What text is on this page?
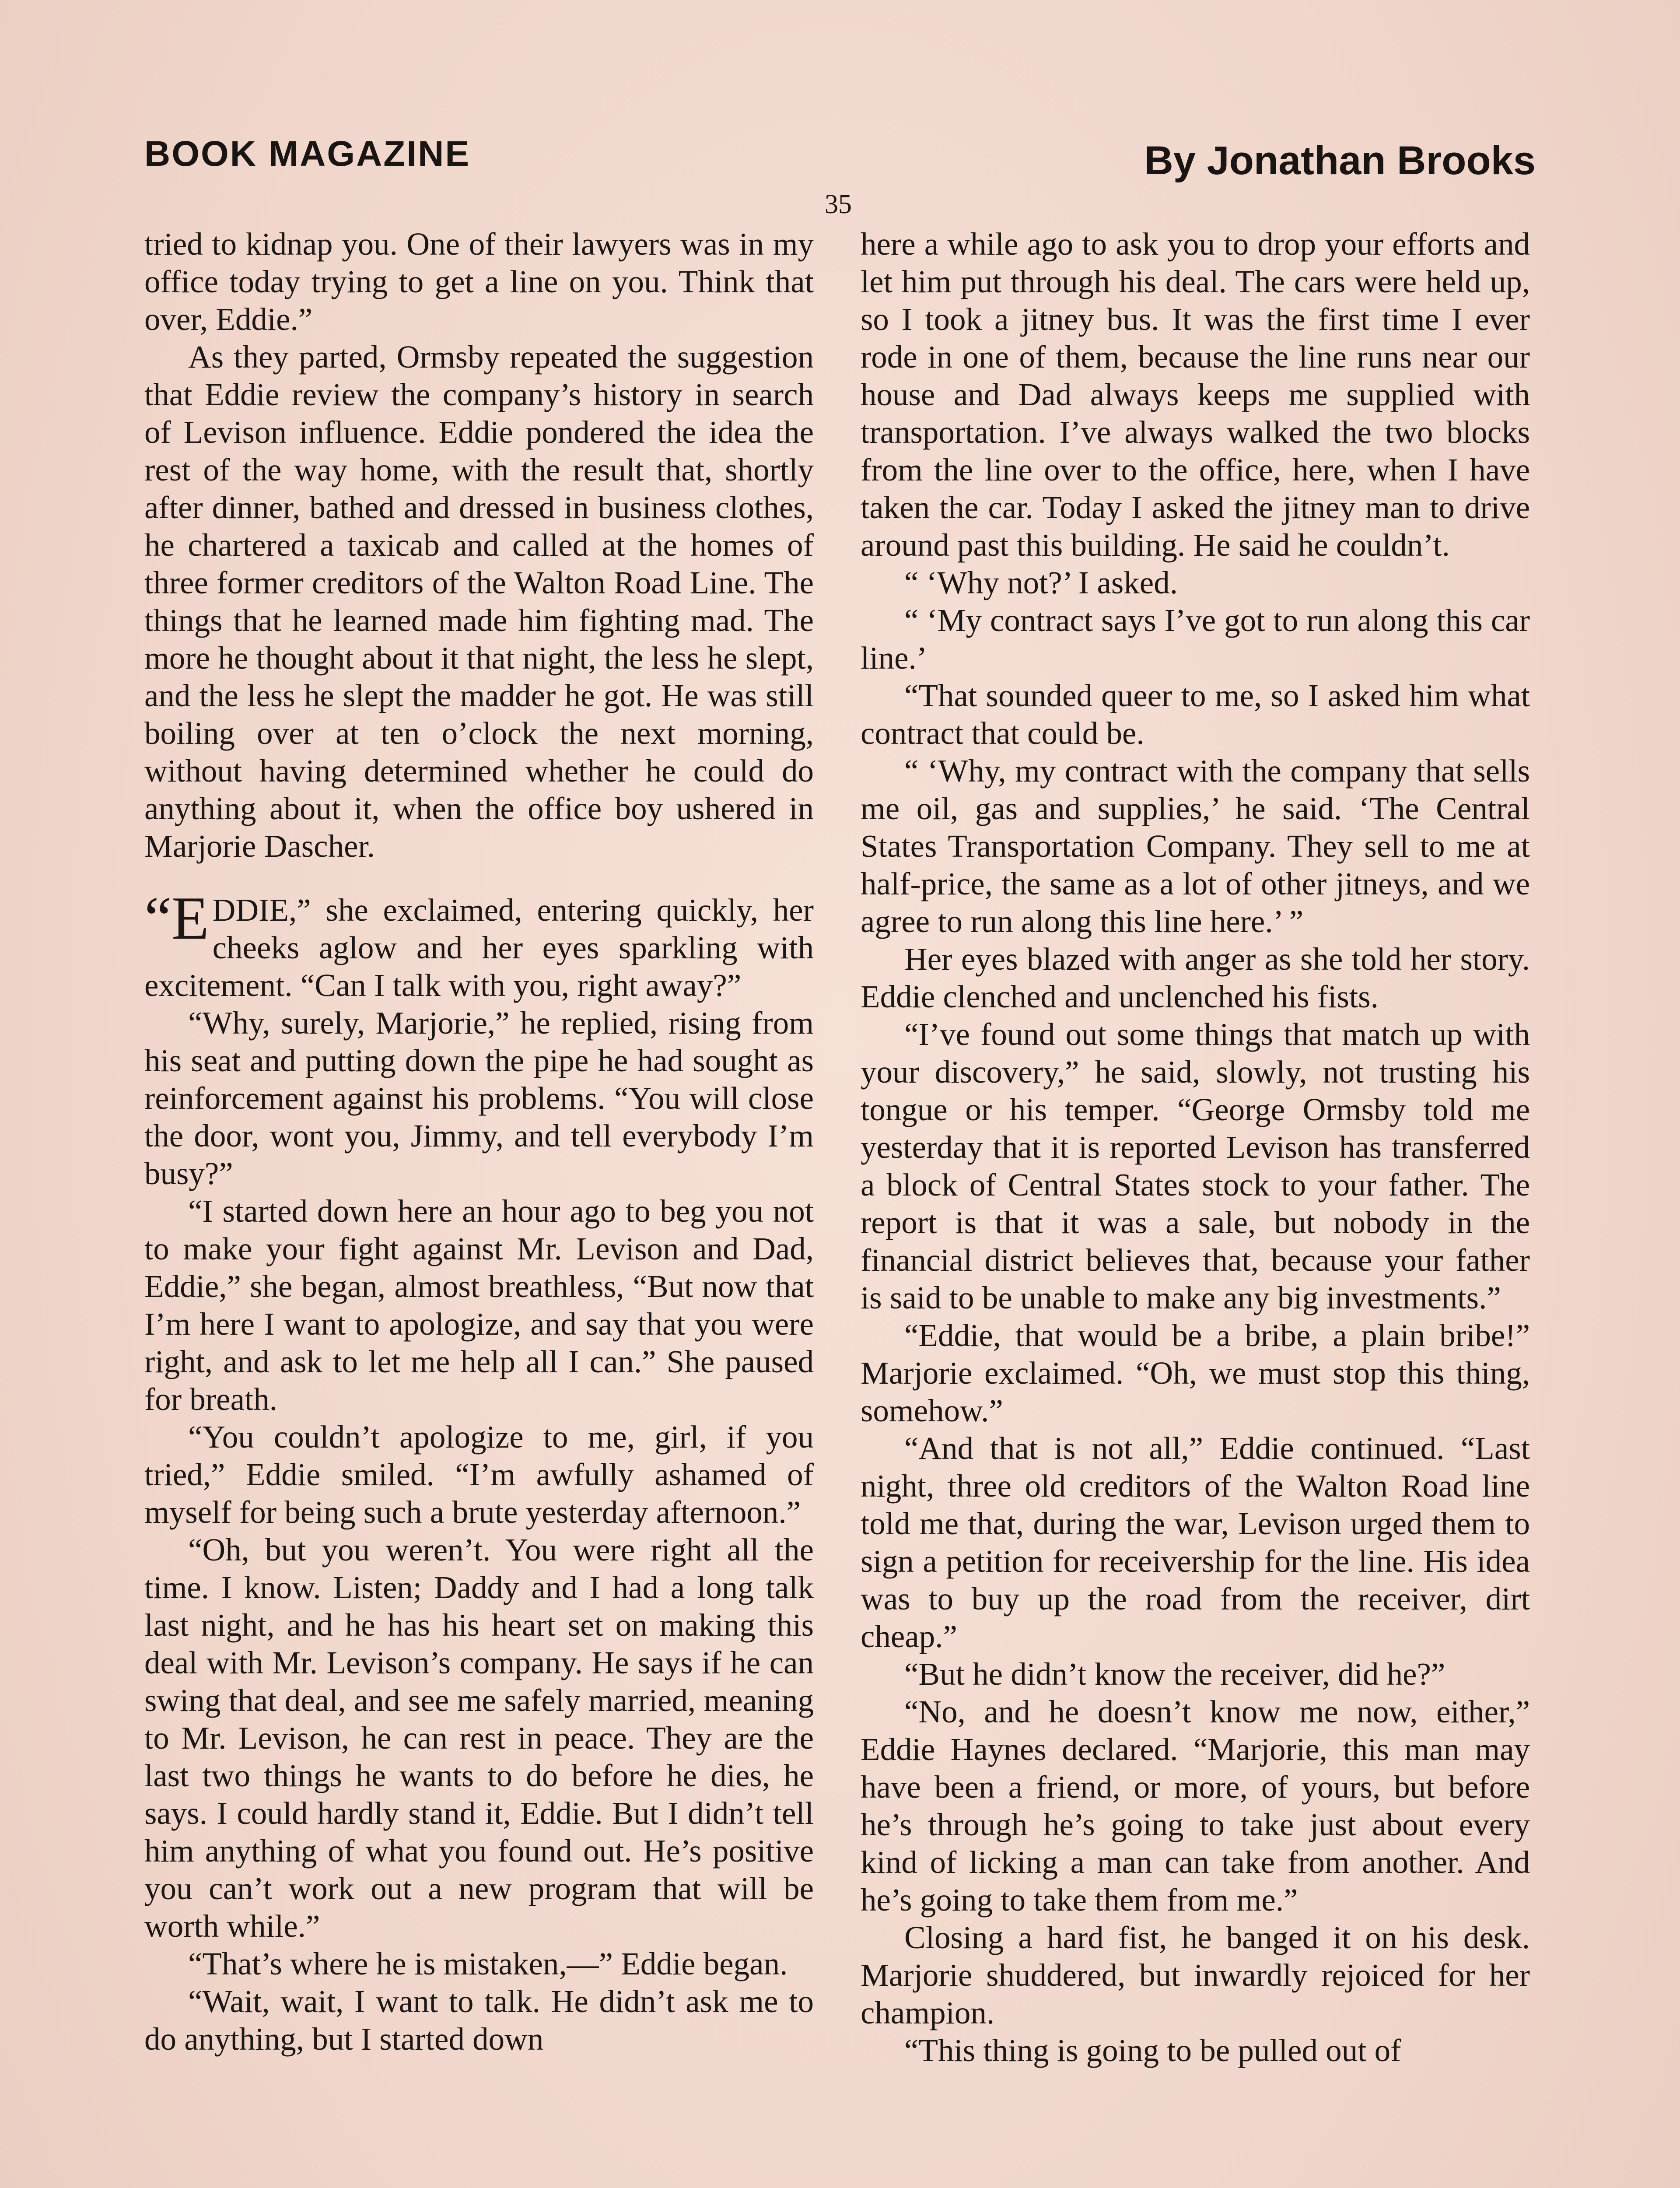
BOOK MAGAZINE	By Jonathan Brooks
35

tried to kidnap you. One of their lawyers was in my office today trying to get a line on you. Think that over, Eddie.”

As they parted, Ormsby repeated the suggestion that Eddie review the company’s history in search of Levison influence. Eddie pondered the idea the rest of the way home, with the result that, shortly after dinner, bathed and dressed in business clothes, he chartered a taxicab and called at the homes of three former creditors of the Walton Road Line. The things that he learned made him fighting mad. The more he thought about it that night, the less he slept, and the less he slept the madder he got. He was still boiling over at ten o’clock the next morning, without having determined whether he could do anything about it, when the office boy ushered in Marjorie Dascher.

“EDDIE,” she exclaimed, entering quickly, her cheeks aglow and her eyes sparkling with excitement. “Can I talk with you, right away?”

“Why, surely, Marjorie,” he replied, rising from his seat and putting down the pipe he had sought as reinforcement against his problems. “You will close the door, wont you, Jimmy, and tell everybody I’m busy?”

“I started down here an hour ago to beg you not to make your fight against Mr. Levison and Dad, Eddie,” she began, almost breathless, “But now that I’m here I want to apologize, and say that you were right, and ask to let me help all I can.” She paused for breath.

“You couldn’t apologize to me, girl, if you tried,” Eddie smiled. “I’m awfully ashamed of myself for being such a brute yesterday afternoon.”

“Oh, but you weren’t. You were right all the time. I know. Listen; Daddy and I had a long talk last night, and he has his heart set on making this deal with Mr. Levison’s company. He says if he can swing that deal, and see me safely married, meaning to Mr. Levison, he can rest in peace. They are the last two things he wants to do before he dies, he says. I could hardly stand it, Eddie. But I didn’t tell him anything of what you found out. He’s positive you can’t work out a new program that will be worth while.”

“That’s where he is mistaken,—” Eddie began.

“Wait, wait, I want to talk. He didn’t ask me to do anything, but I started down

here a while ago to ask you to drop your efforts and let him put through his deal. The cars were held up, so I took a jitney bus. It was the first time I ever rode in one of them, because the line runs near our house and Dad always keeps me supplied with transportation. I’ve always walked the two blocks from the line over to the office, here, when I have taken the car. Today I asked the jitney man to drive around past this building. He said he couldn’t.

“ ‘Why not?’ I asked.

“ ‘My contract says I’ve got to run along this car line.’

“That sounded queer to me, so I asked him what contract that could be.

“ ‘Why, my contract with the company that sells me oil, gas and supplies,’ he said. ‘The Central States Transportation Company. They sell to me at half-price, the same as a lot of other jitneys, and we agree to run along this line here.’ ”

Her eyes blazed with anger as she told her story. Eddie clenched and unclenched his fists.

“I’ve found out some things that match up with your discovery,” he said, slowly, not trusting his tongue or his temper. “George Ormsby told me yesterday that it is reported Levison has transferred a block of Central States stock to your father. The report is that it was a sale, but nobody in the financial district believes that, because your father is said to be unable to make any big investments.”

“Eddie, that would be a bribe, a plain bribe!” Marjorie exclaimed. “Oh, we must stop this thing, somehow.”

“And that is not all,” Eddie continued. “Last night, three old creditors of the Walton Road line told me that, during the war, Levison urged them to sign a petition for receivership for the line. His idea was to buy up the road from the receiver, dirt cheap.”

“But he didn’t know the receiver, did he?”

“No, and he doesn’t know me now, either,” Eddie Haynes declared. “Marjorie, this man may have been a friend, or more, of yours, but before he’s through he’s going to take just about every kind of licking a man can take from another. And he’s going to take them from me.”

Closing a hard fist, he banged it on his desk. Marjorie shuddered, but inwardly rejoiced for her champion.

“This thing is going to be pulled out of
